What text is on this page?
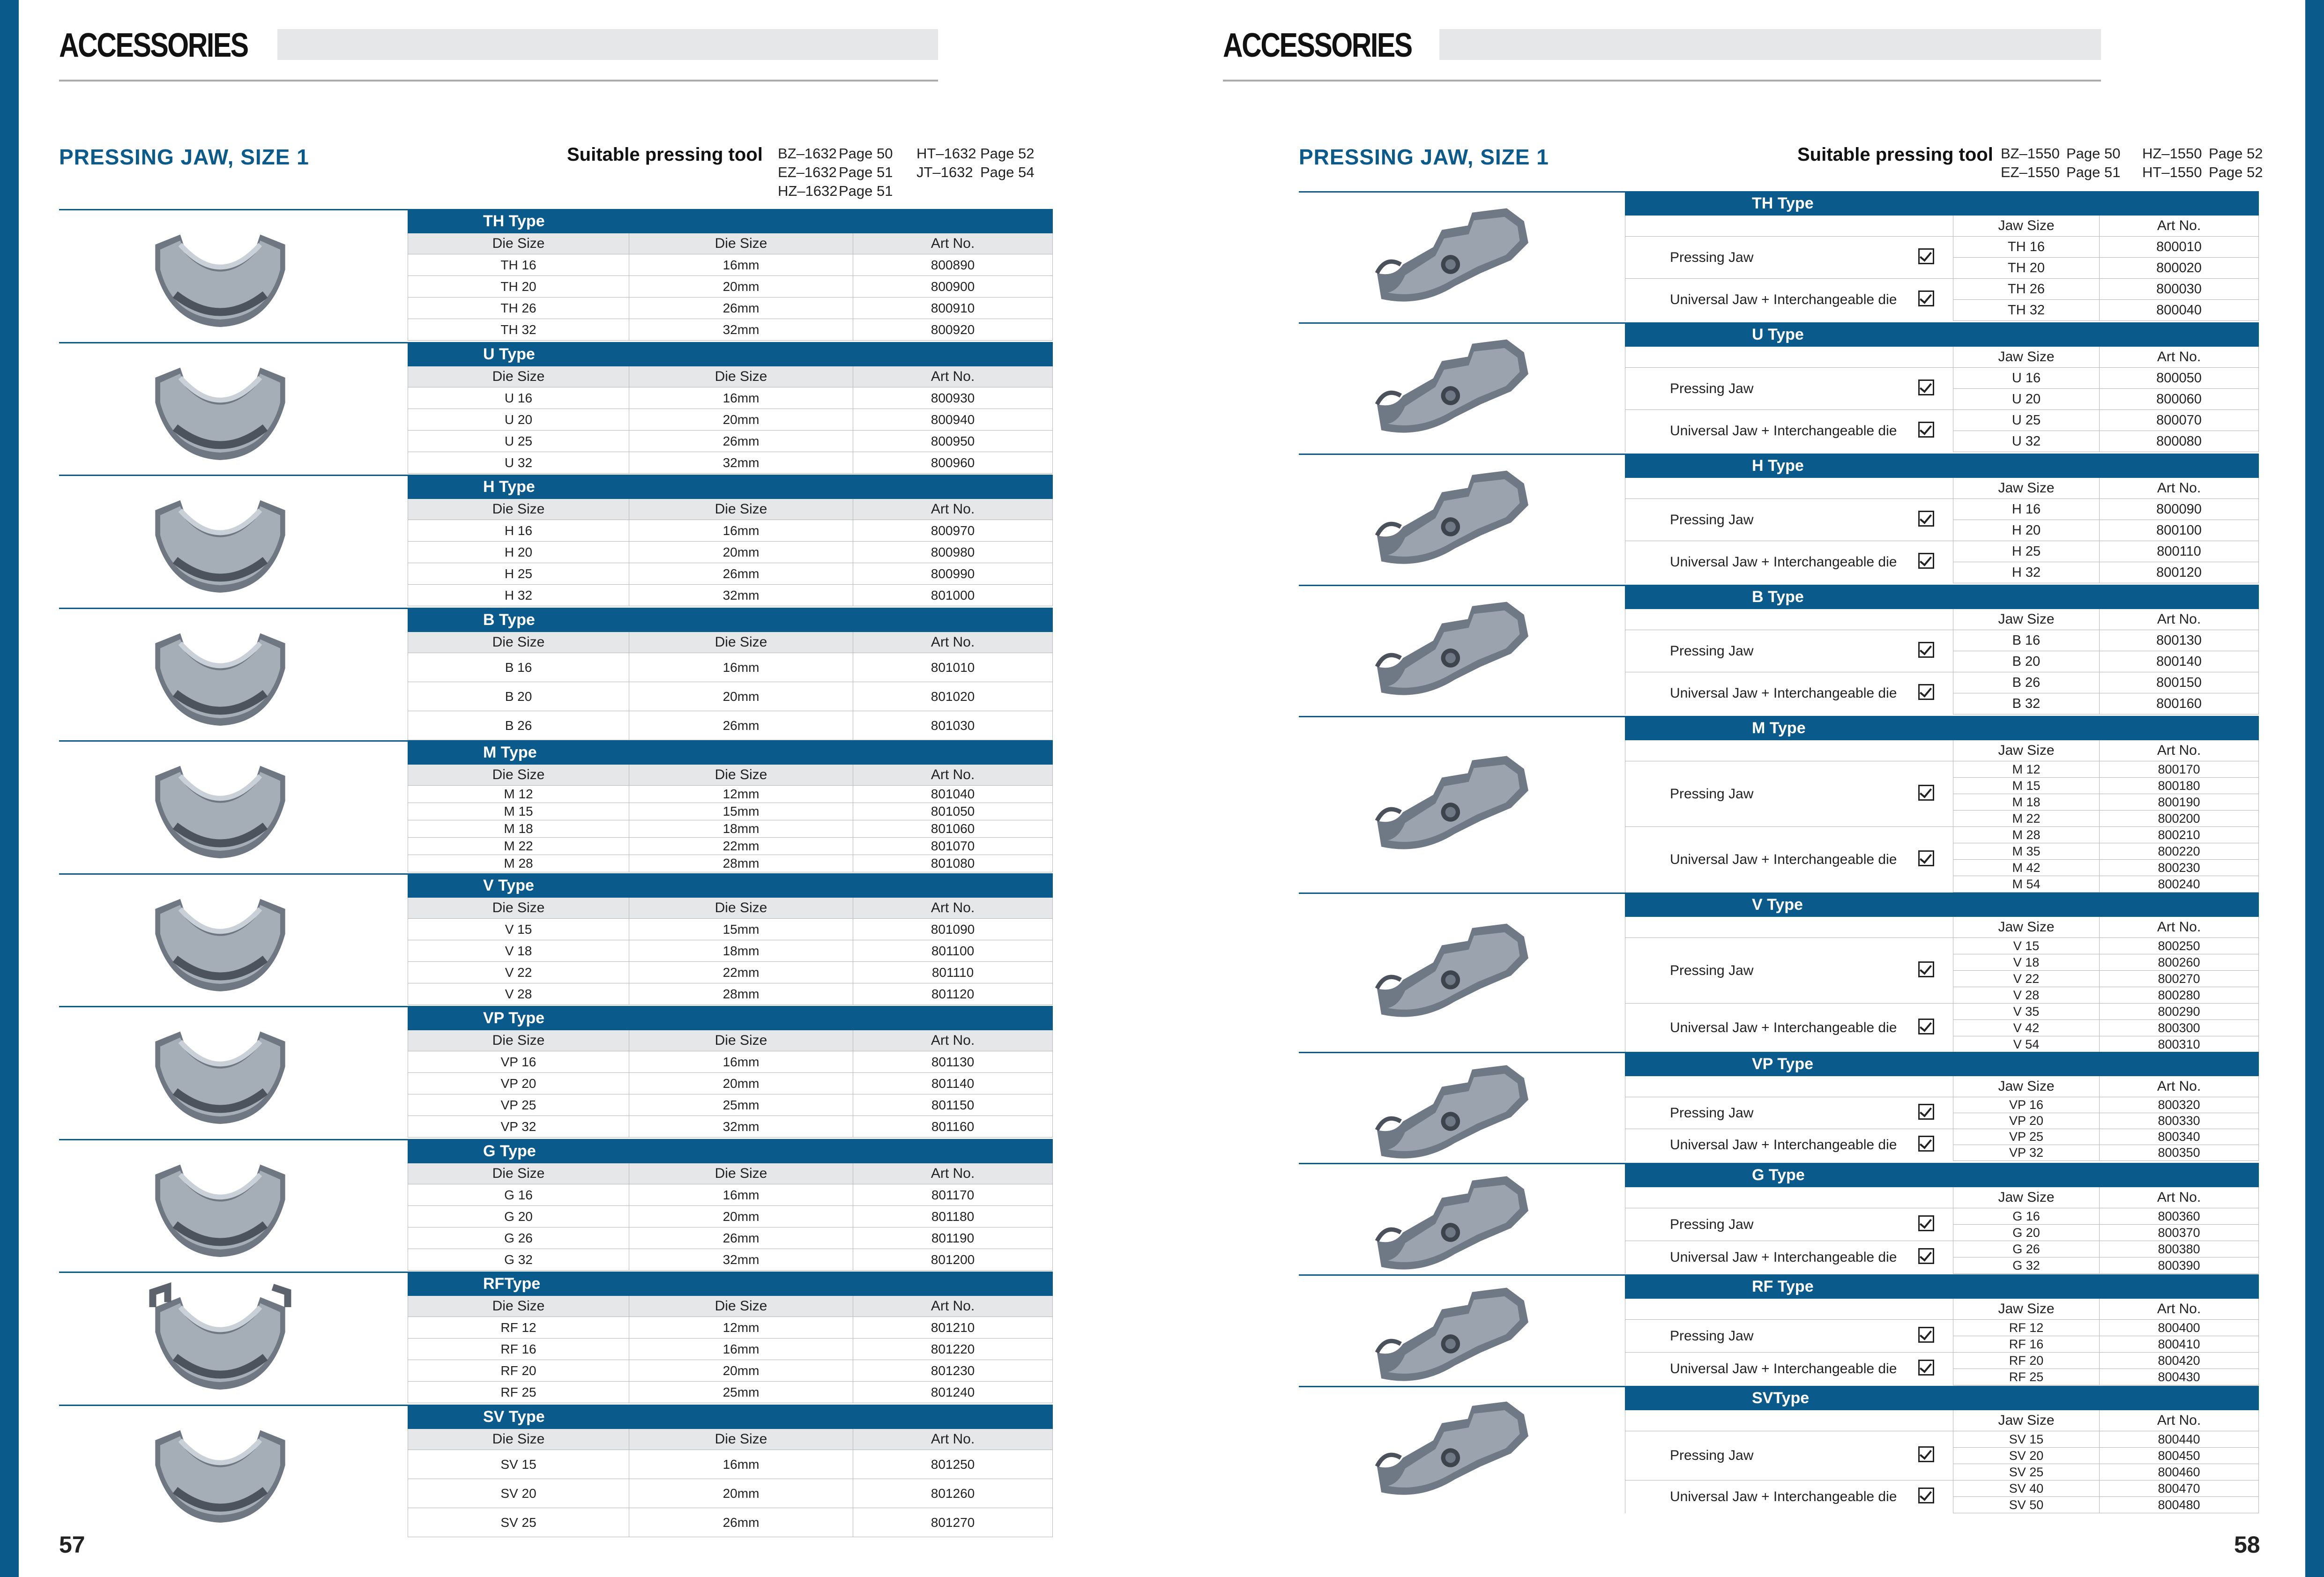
ACCESSORIES
PRESSING JAW, SIZE 1	Suitable pressing tool BZ–1632 Page 50
EZ–1632 Page 51
HZ–1632Page 51
HT–1632 Page 52
JT–1632 Page 54
TH Type		
Die Size	Die Size	Art No.
TH 16	16mm	800890
TH 20	20mm	800900
TH 26	26mm	800910
TH 32	32mm	800920
U Type		
Die Size	Die Size	Art No.
U 16	16mm	800930
U 20	20mm	800940
U 25	26mm	800950
U 32	32mm	800960
H Type		
Die Size	Die Size	Art No.
H 16	16mm	800970
H 20	20mm	800980
H 25	26mm	800990
H 32	32mm	801000
B Type		
Die Size	Die Size	Art No.
B 16	16mm	801010
B 20	20mm	801020
B 26	26mm	801030
M Type		
Die Size	Die Size	Art No.
M 12	12mm	801040
M 15	15mm	801050
M 18	18mm	801060
M 22	22mm	801070
M 28	28mm	801080
V Type		
Die Size	Die Size	Art No.
V 15	15mm	801090
V 18	18mm	801100
V 22	22mm	801110
V 28	28mm	801120
VP Type		
Die Size	Die Size	Art No.
VP 16	16mm	801130
VP 20	20mm	801140
VP 25	25mm	801150
VP 32	32mm	801160
G Type		
Die Size	Die Size	Art No.
G 16	16mm	801170
G 20	20mm	801180
G 26	26mm	801190
G 32	32mm	801200
RFType		
Die Size	Die Size	Art No.
RF 12	12mm	801210
RF 16	16mm	801220
RF 20	20mm	801230
RF 25	25mm	801240
SV Type		
Die Size	Die Size	Art No.
SV 15	16mm	801250
SV 20	20mm	801260
SV 25	26mm	801270
57
ACCESSORIES
PRESSING JAW, SIZE 1	Suitable pressing tool BZ–1550 Page 50
EZ–1550 Page 51
HZ–1550 Page 52
HT–1550 Page 52
TH Type		
	Jaw Size	Art No.
Pressing Jaw	TH 16	800010
	TH 20	800020
Universal Jaw + Interchangeable die	TH 26	800030
	TH 32	800040
U Type		
	Jaw Size	Art No.
Pressing Jaw	U 16	800050
	U 20	800060
Universal Jaw + Interchangeable die	U 25	800070
	U 32	800080
H Type		
	Jaw Size	Art No.
Pressing Jaw	H 16	800090
	H 20	800100
Universal Jaw + Interchangeable die	H 25	800110
	H 32	800120
B Type		
	Jaw Size	Art No.
Pressing Jaw	B 16	800130
	B 20	800140
Universal Jaw + Interchangeable die	B 26	800150
	B 32	800160
M Type		
	Jaw Size	Art No.
Pressing Jaw	M 12	800170
	M 15	800180
	M 18	800190
	M 22	800200
Universal Jaw + Interchangeable die	M 28	800210
	M 35	800220
	M 42	800230
	M 54	800240
V Type		
	Jaw Size	Art No.
Pressing Jaw	V 15	800250
	V 18	800260
	V 22	800270
	V 28	800280
Universal Jaw + Interchangeable die	V 35	800290
	V 42	800300
	V 54	800310
VP Type		
	Jaw Size	Art No.
Pressing Jaw	VP 16	800320
	VP 20	800330
Universal Jaw + Interchangeable die	VP 25	800340
	VP 32	800350
G Type		
	Jaw Size	Art No.
Pressing Jaw	G 16	800360
	G 20	800370
Universal Jaw + Interchangeable die	G 26	800380
	G 32	800390
RF Type		
	Jaw Size	Art No.
Pressing Jaw	RF 12	800400
	RF 16	800410
Universal Jaw + Interchangeable die	RF 20	800420
	RF 25	800430
SVType		
	Jaw Size	Art No.
Pressing Jaw	SV 15	800440
	SV 20	800450
	SV 25	800460
Universal Jaw + Interchangeable die	SV 40	800470
	SV 50	800480
58
